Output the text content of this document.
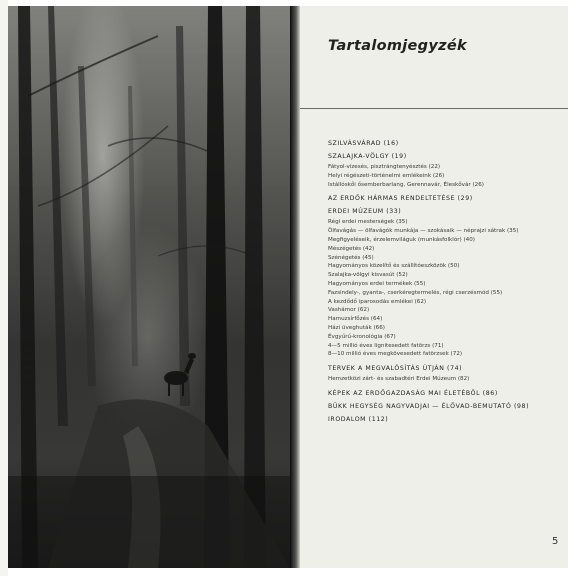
Tartalomjegyzék
SZILVÁSVÁRAD (16)
SZALAJKA-VÖLGY (19)
Fátyol-vízesés, pisztrángtenyésztés (22)
Helyi régészeti-történelmi emlékeink (26)
Istállóskői ősemberbarlang, Gerennavár, Éleskővár (26)
AZ ERDŐK HÁRMAS RENDELTETÉSE (29)
ERDEI MÚZEUM (33)
Régi erdei mesterségek (35)
Ölfavágás — ölfavágók munkája — szokásaik — néprajzi sátrak (35)
Megfigyeléseik, érzelemviláguk (munkásfolklór) (40)
Mészégetés (42)
Szénégetés (45)
Hagyományos közelítő és szállítóeszközök (50)
Szalajka-völgyi kisvasút (52)
Hagyományos erdei termékek (55)
Fazsindely-, gyanta-, cserkéregtermelés, régi cserzésmód (55)
A kezdődő iparosodás emlékei (62)
Vashámor (62)
Hamuzsírfőzés (64)
Házi üveghuták (66)
Évgyűrű-kronológia (67)
4—5 millió éves lignitesedett fatörzs (71)
8—10 millió éves megkövesedett fatörzsek (72)
TERVEK A MEGVALÓSÍTÁS ÚTJÁN (74)
Hemzetközi zárt- és szabadtéri Erdei Múzeum (82)
KÉPEK AZ ERDŐGAZDASÁG MAI ÉLETÉBŐL (86)
BÜKK HEGYSÉG NAGYVADJAI — ÉLŐVAD-BEMUTATÓ (98)
IRODALOM (112)
5
